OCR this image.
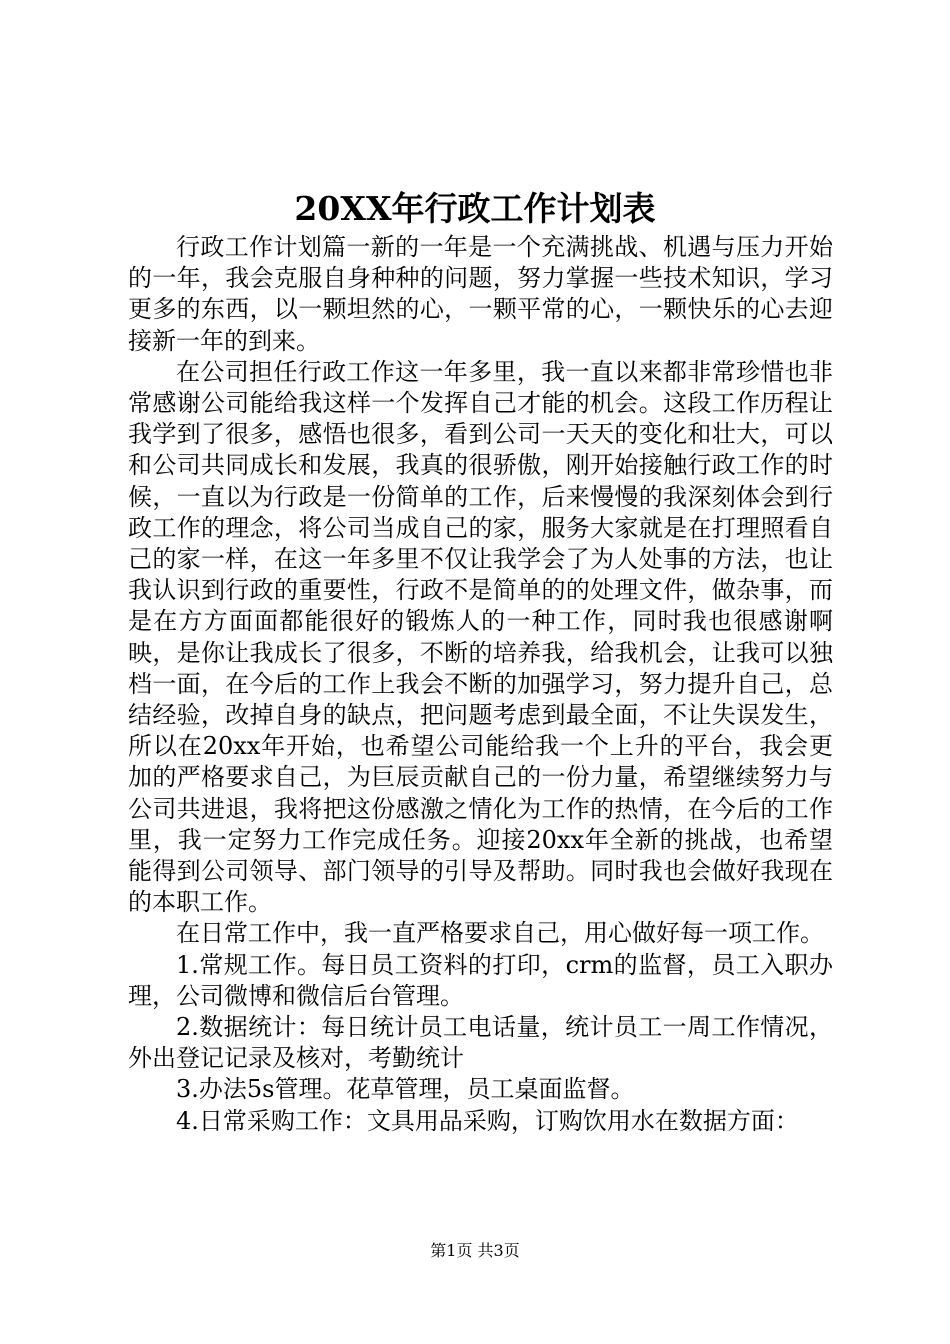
20XX年行政工作计划表

行政工作计划篇一新的一年是一个充满挑战、机遇与压力开始的一年，我会克服自身种种的问题，努力掌握一些技术知识，学习更多的东西，以一颗坦然的心，一颗平常的心，一颗快乐的心去迎接新一年的到来。

在公司担任行政工作这一年多里，我一直以来都非常珍惜也非常感谢公司能给我这样一个发挥自己才能的机会。这段工作历程让我学到了很多，感悟也很多，看到公司一天天的变化和壮大，可以和公司共同成长和发展，我真的很骄傲，刚开始接触行政工作的时候，一直以为行政是一份简单的工作，后来慢慢的我深刻体会到行政工作的理念，将公司当成自己的家，服务大家就是在打理照看自己的家一样，在这一年多里不仅让我学会了为人处事的方法，也让我认识到行政的重要性，行政不是简单的的处理文件，做杂事，而是在方方面面都能很好的锻炼人的一种工作，同时我也很感谢啊映，是你让我成长了很多，不断的培养我，给我机会，让我可以独档一面，在今后的工作上我会不断的加强学习，努力提升自己，总结经验，改掉自身的缺点，把问题考虑到最全面，不让失误发生，所以在20xx年开始，也希望公司能给我一个上升的平台，我会更加的严格要求自己，为巨辰贡献自己的一份力量，希望继续努力与公司共进退，我将把这份感激之情化为工作的热情，在今后的工作里，我一定努力工作完成任务。迎接20xx年全新的挑战，也希望能得到公司领导、部门领导的引导及帮助。同时我也会做好我现在的本职工作。

在日常工作中，我一直严格要求自己，用心做好每一项工作。

1.常规工作。每日员工资料的打印，crm的监督，员工入职办理，公司微博和微信后台管理。

2.数据统计：每日统计员工电话量，统计员工一周工作情况，外出登记记录及核对，考勤统计

3.办法5s管理。花草管理，员工桌面监督。

4.日常采购工作：文具用品采购，订购饮用水在数据方面：

第1页 共3页
